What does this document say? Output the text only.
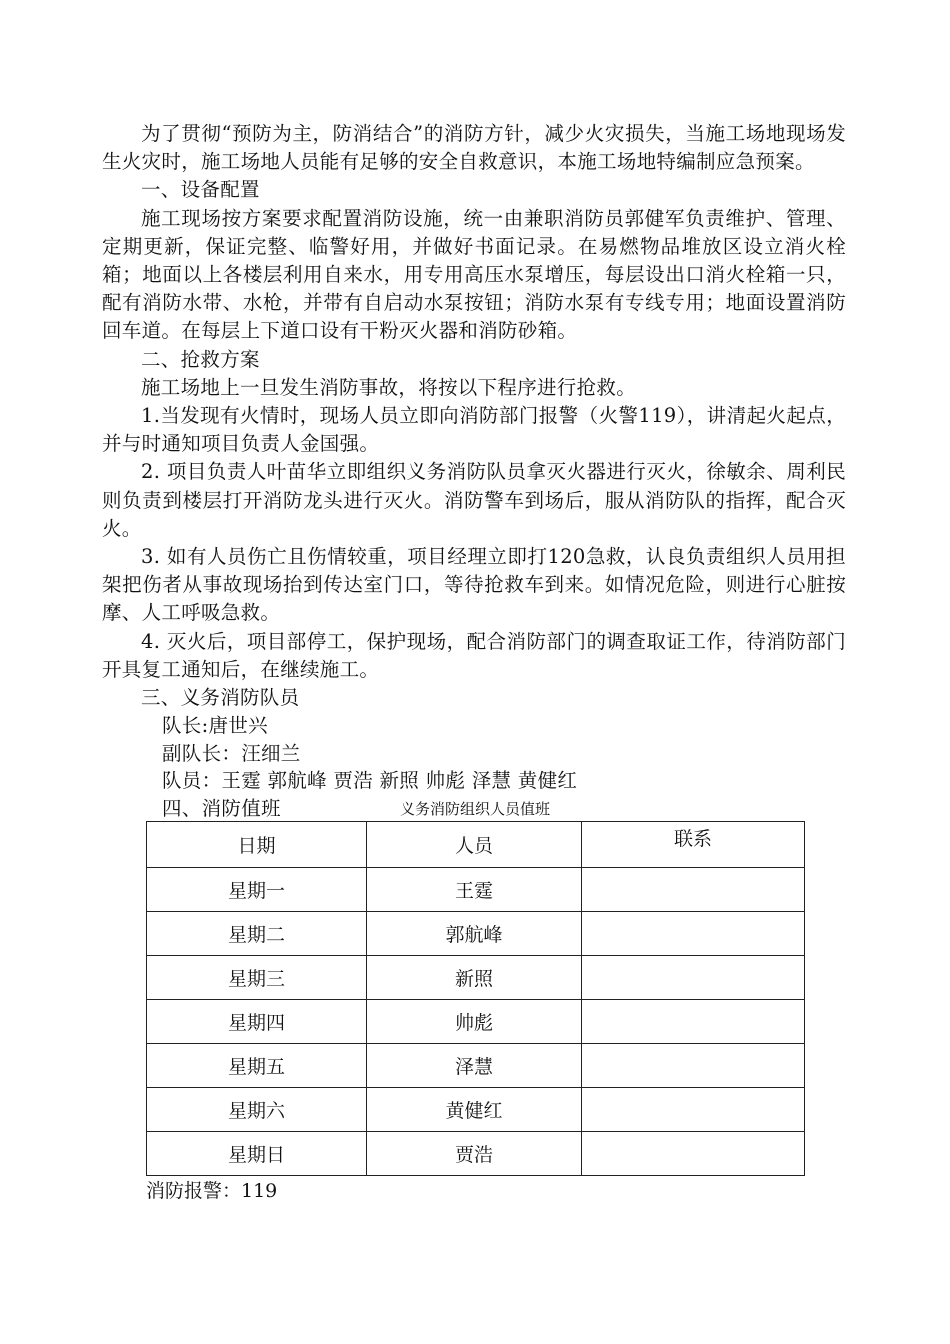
为了贯彻“预防为主，防消结合”的消防方针，减少火灾损失，当施工场地现场发生火灾时，施工场地人员能有足够的安全自救意识，本施工场地特编制应急预案。

一、设备配置

施工现场按方案要求配置消防设施，统一由兼职消防员郭健军负责维护、管理、定期更新，保证完整、临警好用，并做好书面记录。在易燃物品堆放区设立消火栓箱；地面以上各楼层利用自来水，用专用高压水泵增压，每层设出口消火栓箱一只，配有消防水带、水枪，并带有自启动水泵按钮；消防水泵有专线专用；地面设置消防回车道。在每层上下道口设有干粉灭火器和消防砂箱。

二、抢救方案

施工场地上一旦发生消防事故，将按以下程序进行抢救。

1.当发现有火情时，现场人员立即向消防部门报警（火警119），讲清起火起点，并与时通知项目负责人金国强。

2. 项目负责人叶苗华立即组织义务消防队员拿灭火器进行灭火，徐敏余、周利民则负责到楼层打开消防龙头进行灭火。消防警车到场后，服从消防队的指挥，配合灭火。

3. 如有人员伤亡且伤情较重，项目经理立即打120急救，认良负责组织人员用担架把伤者从事故现场抬到传达室门口，等待抢救车到来。如情况危险，则进行心脏按摩、人工呼吸急救。

4. 灭火后，项目部停工，保护现场，配合消防部门的调查取证工作，待消防部门开具复工通知后，在继续施工。

三、义务消防队员

队长:唐世兴

副队长：汪细兰

队员：王霆 郭航峰 贾浩 新照 帅彪 泽慧 黄健红

四、消防值班	义务消防组织人员值班
日期	人员	联系
星期一	王霆	
星期二	郭航峰	
星期三	新照	
星期四	帅彪	
星期五	泽慧	
星期六	黄健红	
星期日	贾浩	
消防报警：119
